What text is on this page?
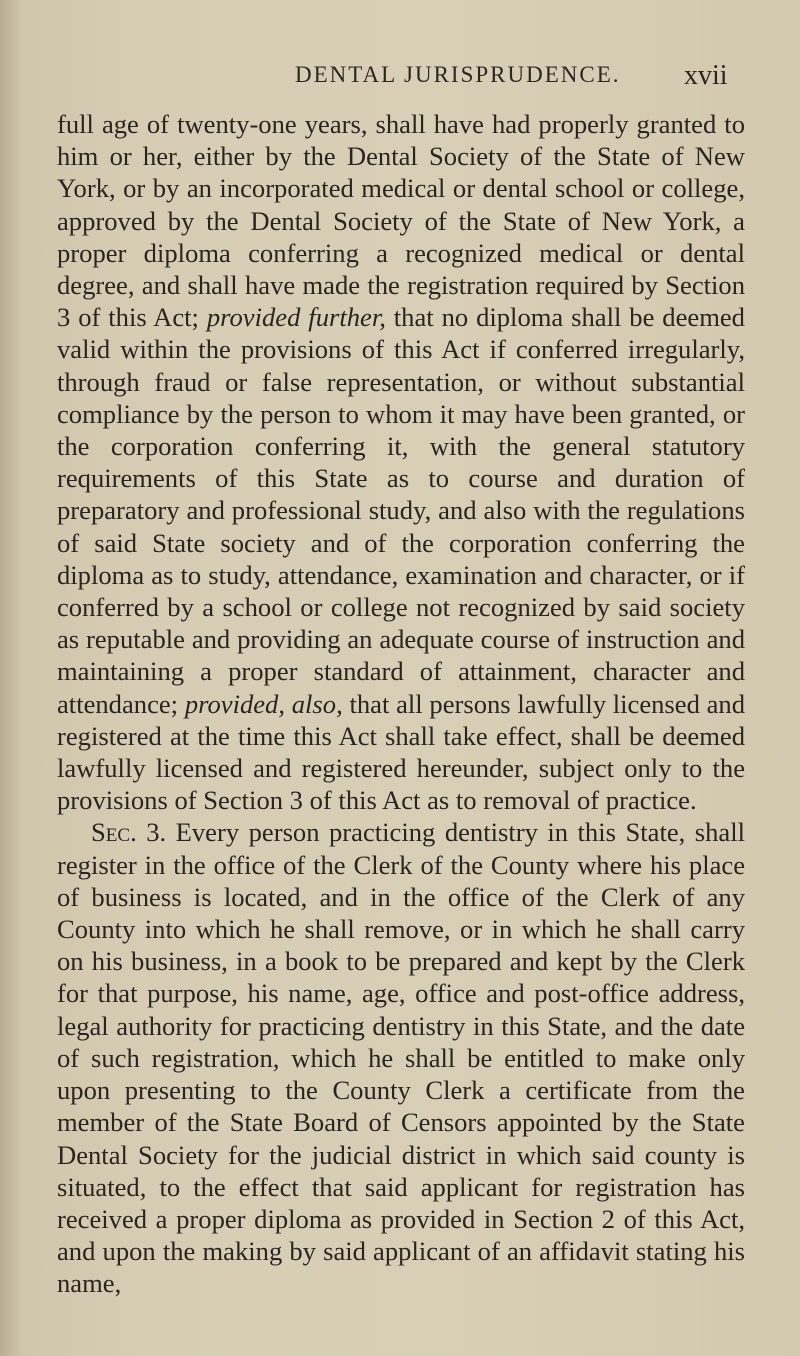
DENTAL JURISPRUDENCE. xvii

full age of twenty-one years, shall have had properly granted to him or her, either by the Dental Society of the State of New York, or by an incorporated medical or dental school or college, approved by the Dental Society of the State of New York, a proper diploma conferring a recognized medical or dental degree, and shall have made the registration required by Section 3 of this Act; provided further, that no diploma shall be deemed valid within the provisions of this Act if conferred irregularly, through fraud or false representation, or without substantial compliance by the person to whom it may have been granted, or the corporation conferring it, with the general statutory requirements of this State as to course and duration of preparatory and professional study, and also with the regulations of said State society and of the corporation conferring the diploma as to study, attendance, examination and character, or if conferred by a school or college not recognized by said society as reputable and providing an adequate course of instruction and maintaining a proper standard of attainment, character and attendance; provided, also, that all persons lawfully licensed and registered at the time this Act shall take effect, shall be deemed lawfully licensed and registered hereunder, subject only to the provisions of Section 3 of this Act as to removal of practice.

Sec. 3. Every person practicing dentistry in this State, shall register in the office of the Clerk of the County where his place of business is located, and in the office of the Clerk of any County into which he shall remove, or in which he shall carry on his business, in a book to be prepared and kept by the Clerk for that purpose, his name, age, office and post-office address, legal authority for practicing dentistry in this State, and the date of such registration, which he shall be entitled to make only upon presenting to the County Clerk a certificate from the member of the State Board of Censors appointed by the State Dental Society for the judicial district in which said county is situated, to the effect that said applicant for registration has received a proper diploma as provided in Section 2 of this Act, and upon the making by said applicant of an affidavit stating his name,
